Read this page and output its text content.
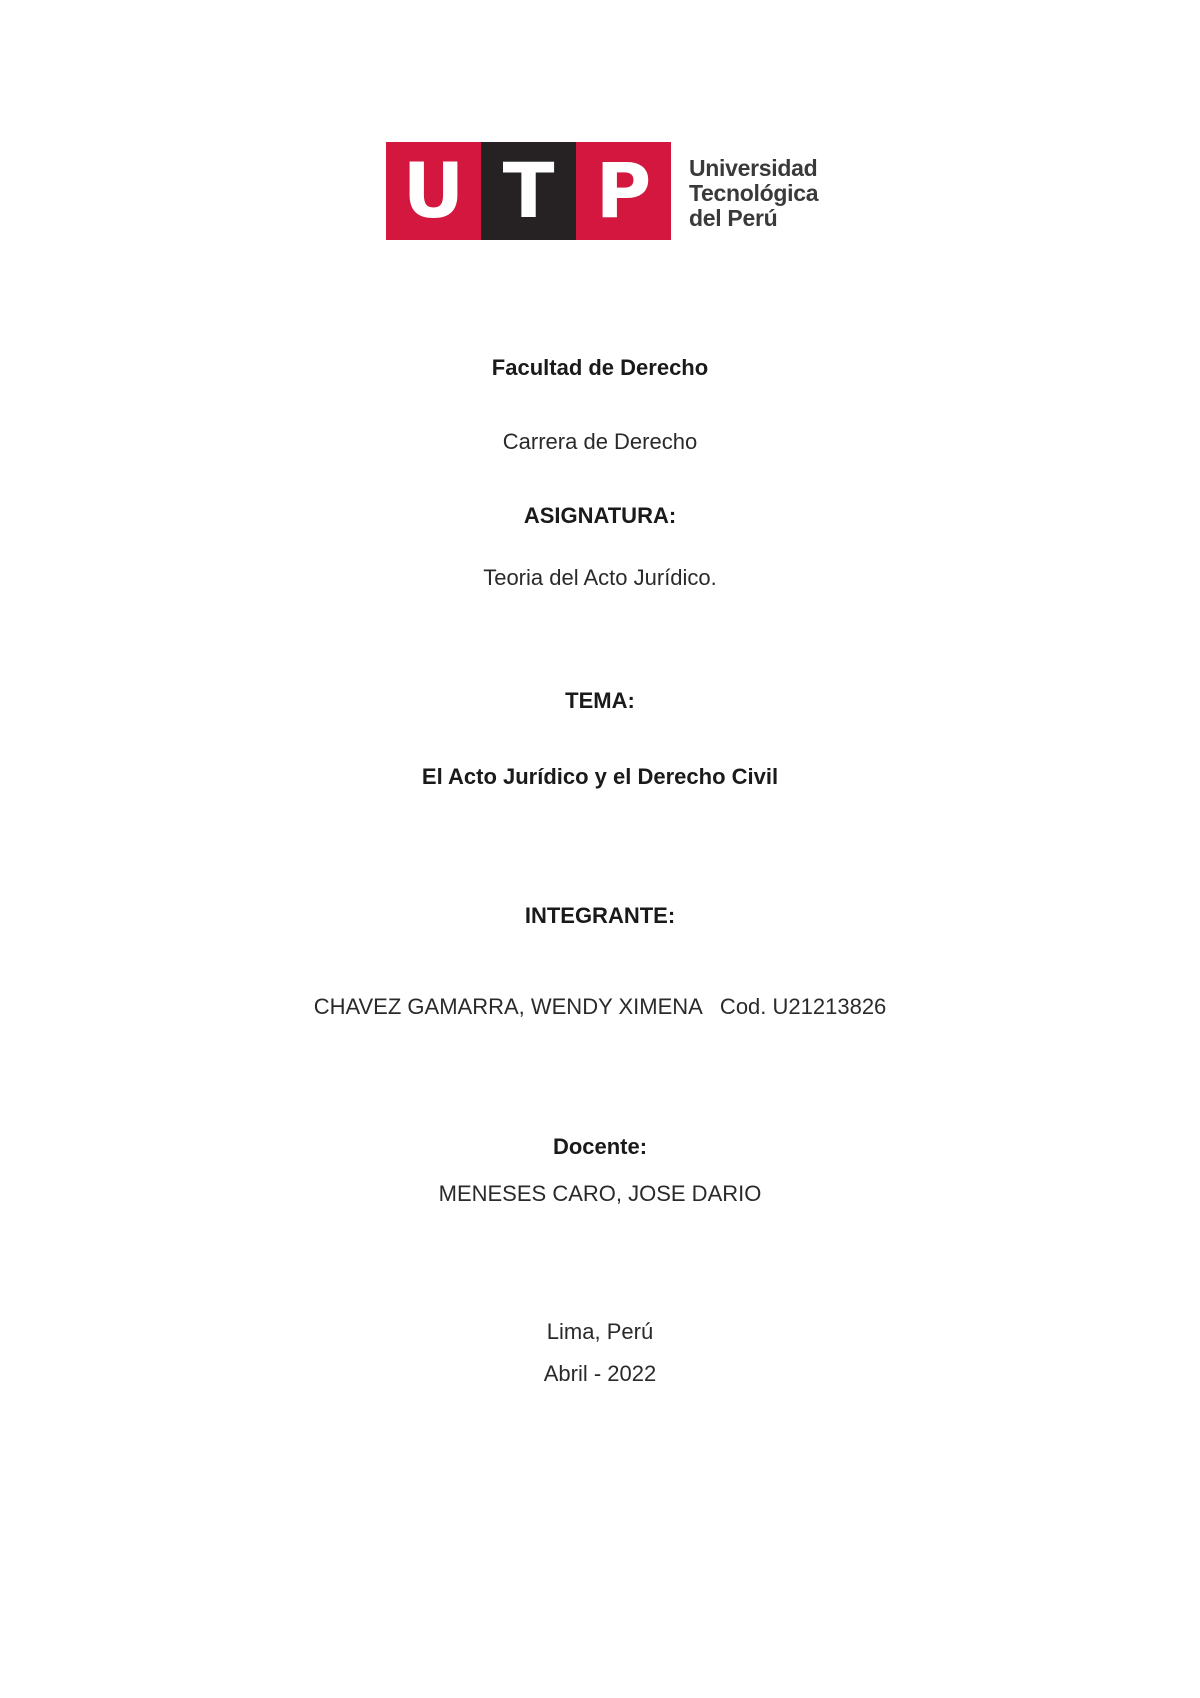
U T P	Universidad
Tecnológica
del Perú
Facultad de Derecho
Carrera de Derecho
ASIGNATURA:
Teoria del Acto Jurídico.
TEMA:
El Acto Jurídico y el Derecho Civil
INTEGRANTE:
CHAVEZ GAMARRA, WENDY XIMENA   Cod. U21213826
Docente:
MENESES CARO, JOSE DARIO
Lima, Perú
Abril - 2022
